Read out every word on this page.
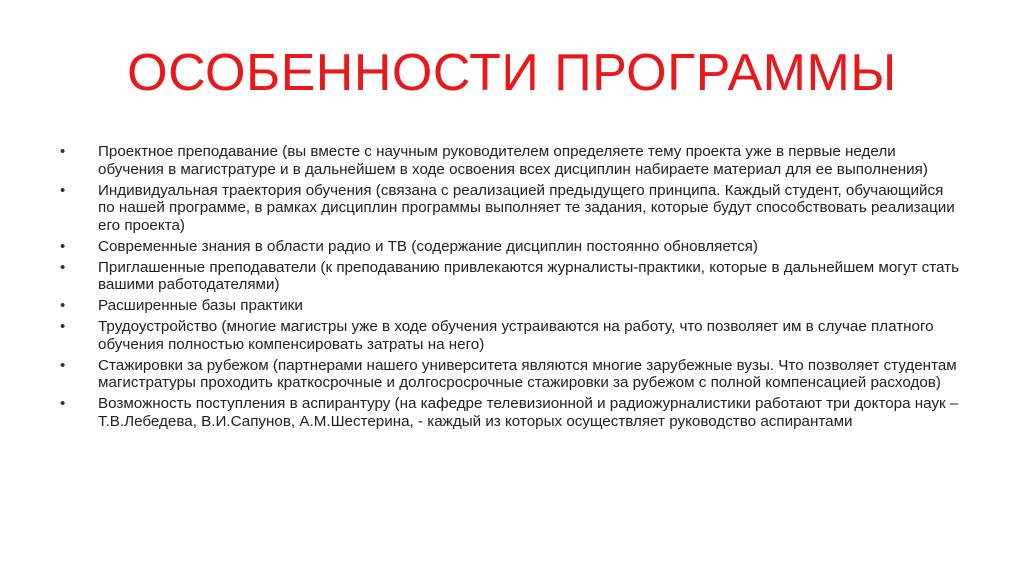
ОСОБЕННОСТИ ПРОГРАММЫ
• Проектное преподавание (вы вместе с научным руководителем определяете тему проекта уже в первые недели обучения в магистратуре и в дальнейшем в ходе освоения всех дисциплин набираете материал для ее выполнения)
• Индивидуальная траектория обучения (связана с реализацией предыдущего принципа. Каждый студент, обучающийся по нашей программе, в рамках дисциплин программы выполняет те задания, которые будут способствовать реализации его проекта)
• Современные знания в области радио и ТВ (содержание дисциплин постоянно обновляется)
• Приглашенные преподаватели (к преподаванию привлекаются журналисты-практики, которые в дальнейшем могут стать вашими работодателями)
• Расширенные базы практики
• Трудоустройство (многие магистры уже в ходе обучения устраиваются на работу, что позволяет им в случае платного обучения полностью компенсировать затраты на него)
• Стажировки за рубежом (партнерами нашего университета являются многие зарубежные вузы. Что позволяет студентам магистратуры проходить краткосрочные и долгосросрочные стажировки за рубежом с полной компенсацией расходов)
• Возможность поступления в аспирантуру (на кафедре телевизионной и радиожурналистики работают три доктора наук – Т.В.Лебедева, В.И.Сапунов, А.М.Шестерина, - каждый из которых осуществляет руководство аспирантами
